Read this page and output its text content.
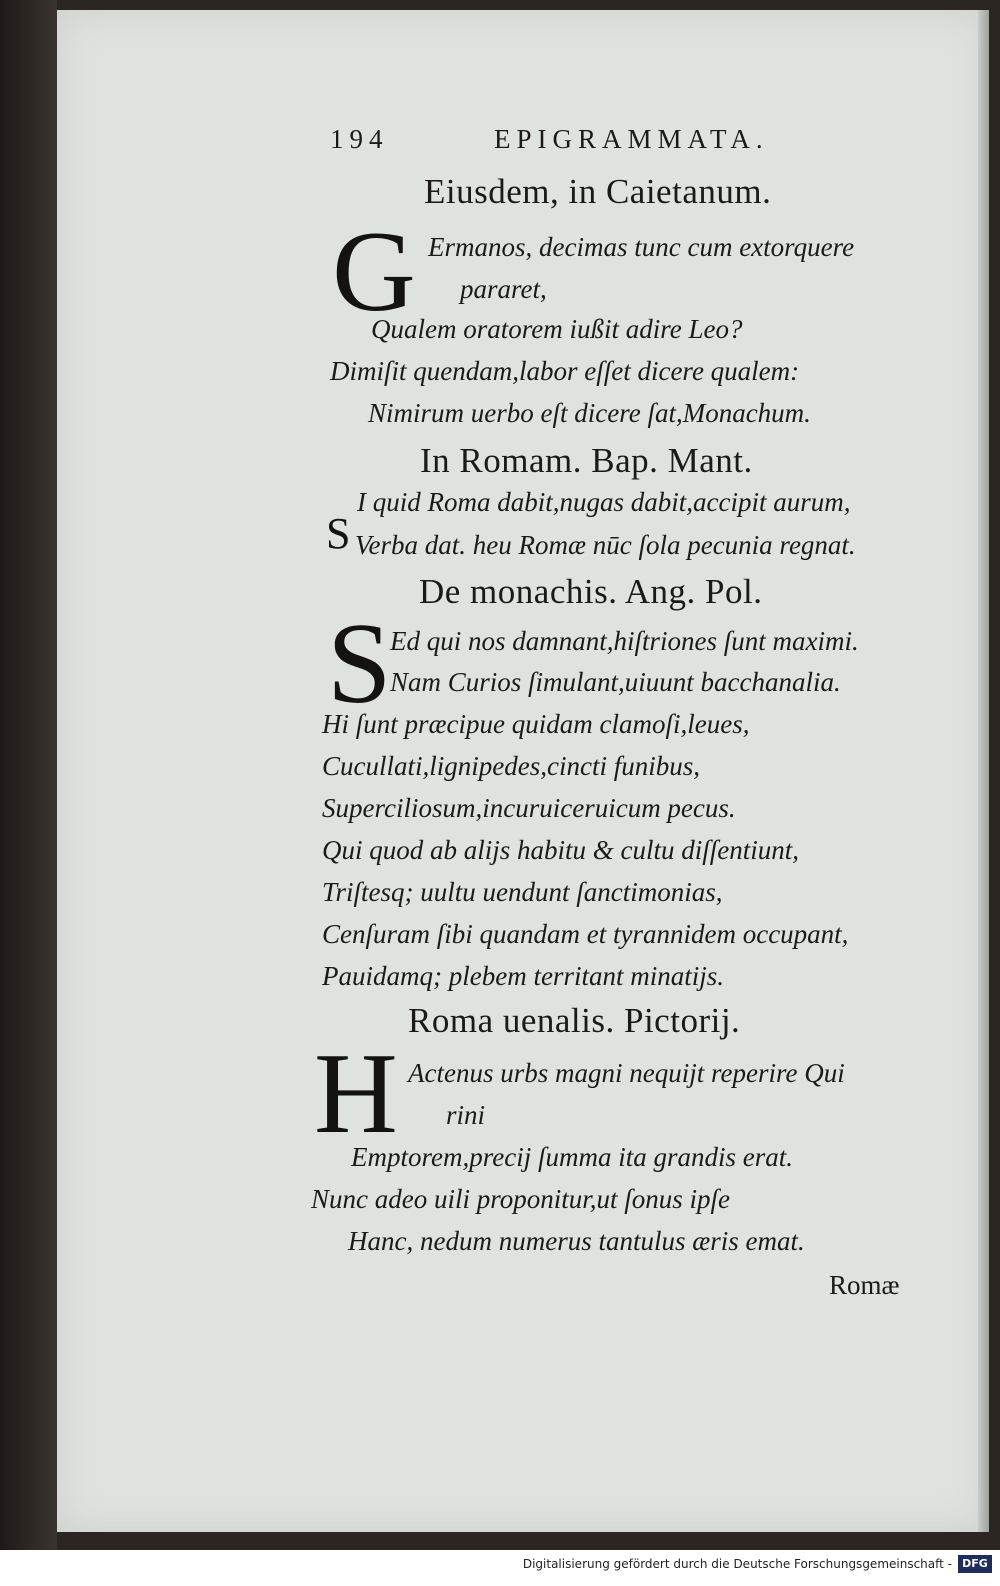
194	EPIGRAMMATA.
Eiusdem, in Caietanum.
G Ermanos, decimas tunc cum extorquere
pararet,
Qualem oratorem iußit adire Leo?
Dimiſit quendam,labor eſſet dicere qualem:
Nimirum uerbo eſt dicere ſat,Monachum.
In Romam. Bap. Mant.
S
I quid Roma dabit,nugas dabit,accipit aurum,
Verba dat. heu Romæ nūc ſola pecunia regnat.
De monachis. Ang. Pol.
S
Ed qui nos damnant,hiſtriones ſunt maximi.
Nam Curios ſimulant,uiuunt bacchanalia.
Hi ſunt præcipue quidam clamoſi,leues,
Cucullati,lignipedes,cincti funibus,
Superciliosum,incuruiceruicum pecus.
Qui quod ab alijs habitu & cultu diſſentiunt,
Triſtesq; uultu uendunt ſanctimonias,
Cenſuram ſibi quandam et tyrannidem occupant,
Pauidamq; plebem territant minatijs.
Roma uenalis. Pictorij.
H Actenus urbs magni nequijt reperire Qui
rini
Emptorem,precij ſumma ita grandis erat.
Nunc adeo uili proponitur,ut ſonus ipſe
Hanc, nedum numerus tantulus æris emat.
Romæ
Digitalisierung gefördert durch die Deutsche Forschungsgemeinschaft - DFG
